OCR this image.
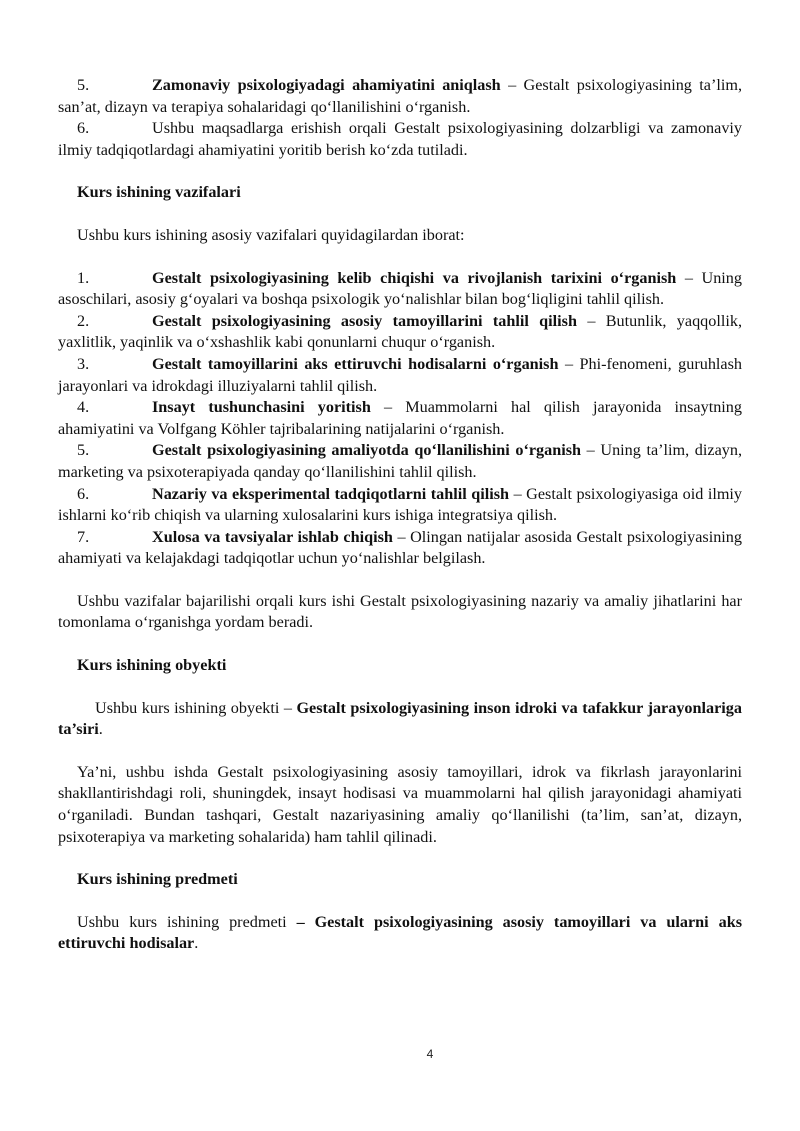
5.	Zamonaviy psixologiyadagi ahamiyatini aniqlash – Gestalt psixologiyasining ta’lim, san’at, dizayn va terapiya sohalaridagi qo‘llanilishini o‘rganish.

6.	Ushbu maqsadlarga erishish orqali Gestalt psixologiyasining dolzarbligi va zamonaviy ilmiy tadqiqotlardagi ahamiyatini yoritib berish ko‘zda tutiladi.

Kurs ishining vazifalari

Ushbu kurs ishining asosiy vazifalari quyidagilardan iborat:

1.	Gestalt psixologiyasining kelib chiqishi va rivojlanish tarixini o‘rganish – Uning asoschilari, asosiy g‘oyalari va boshqa psixologik yo‘nalishlar bilan bog‘liqligini tahlil qilish.

2.	Gestalt psixologiyasining asosiy tamoyillarini tahlil qilish – Butunlik, yaqqollik, yaxlitlik, yaqinlik va o‘xshashlik kabi qonunlarni chuqur o‘rganish.

3.	Gestalt tamoyillarini aks ettiruvchi hodisalarni o‘rganish – Phi-fenomeni, guruhlash jarayonlari va idrokdagi illuziyalarni tahlil qilish.

4.	Insayt tushunchasini yoritish – Muammolarni hal qilish jarayonida insaytning ahamiyatini va Volfgang Köhler tajribalarining natijalarini o‘rganish.

5.	Gestalt psixologiyasining amaliyotda qo‘llanilishini o‘rganish – Uning ta’lim, dizayn, marketing va psixoterapiyada qanday qo‘llanilishini tahlil qilish.

6.	Nazariy va eksperimental tadqiqotlarni tahlil qilish – Gestalt psixologiyasiga oid ilmiy ishlarni ko‘rib chiqish va ularning xulosalarini kurs ishiga integratsiya qilish.

7.	Xulosa va tavsiyalar ishlab chiqish – Olingan natijalar asosida Gestalt psixologiyasining ahamiyati va kelajakdagi tadqiqotlar uchun yo‘nalishlar belgilash.

Ushbu vazifalar bajarilishi orqali kurs ishi Gestalt psixologiyasining nazariy va amaliy jihatlarini har tomonlama o‘rganishga yordam beradi.

Kurs ishining obyekti

Ushbu kurs ishining obyekti – Gestalt psixologiyasining inson idroki va tafakkur jarayonlariga ta’siri.

Ya’ni, ushbu ishda Gestalt psixologiyasining asosiy tamoyillari, idrok va fikrlash jarayonlarini shakllantirishdagi roli, shuningdek, insayt hodisasi va muammolarni hal qilish jarayonidagi ahamiyati o‘rganiladi. Bundan tashqari, Gestalt nazariyasining amaliy qo‘llanilishi (ta’lim, san’at, dizayn, psixoterapiya va marketing sohalarida) ham tahlil qilinadi.

Kurs ishining predmeti

Ushbu kurs ishining predmeti – Gestalt psixologiyasining asosiy tamoyillari va ularni aks ettiruvchi hodisalar.

4
